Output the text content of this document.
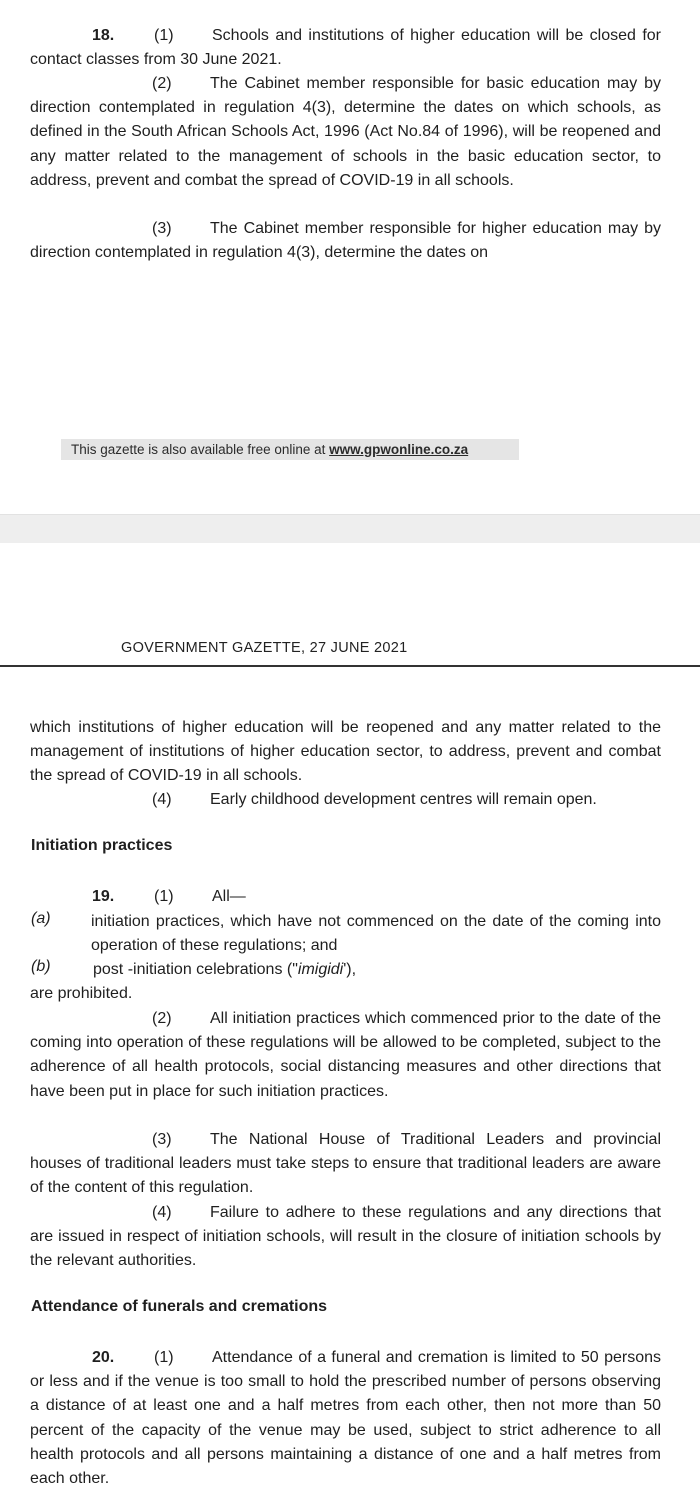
18. (1) Schools and institutions of higher education will be closed for contact classes from 30 June 2021.

(2) The Cabinet member responsible for basic education may by direction contemplated in regulation 4(3), determine the dates on which schools, as defined in the South African Schools Act, 1996 (Act No.84 of 1996), will be reopened and any matter related to the management of schools in the basic education sector, to address, prevent and combat the spread of COVID-19 in all schools.

(3) The Cabinet member responsible for higher education may by direction contemplated in regulation 4(3), determine the dates on

This gazette is also available free online at www.gpwonline.co.za
GOVERNMENT GAZETTE, 27 JUNE 2021

which institutions of higher education will be reopened and any matter related to the management of institutions of higher education sector, to address, prevent and combat the spread of COVID-19 in all schools.

(4) Early childhood development centres will remain open.

Initiation practices

19. (1) All—

(a)	initiation practices, which have not commenced on the date of the coming into operation of these regulations; and

(b)	post -initiation celebrations ("imigidi'),

are prohibited.

(2) All initiation practices which commenced prior to the date of the coming into operation of these regulations will be allowed to be completed, subject to the adherence of all health protocols, social distancing measures and other directions that have been put in place for such initiation practices.

(3) The National House of Traditional Leaders and provincial houses of traditional leaders must take steps to ensure that traditional leaders are aware of the content of this regulation.

(4) Failure to adhere to these regulations and any directions that are issued in respect of initiation schools, will result in the closure of initiation schools by the relevant authorities.

Attendance of funerals and cremations

20. (1) Attendance of a funeral and cremation is limited to 50 persons or less and if the venue is too small to hold the prescribed number of persons observing a distance of at least one and a half metres from each other, then not more than 50 percent of the capacity of the venue may be used, subject to strict adherence to all health protocols and all persons maintaining a distance of one and a half metres from each other.
